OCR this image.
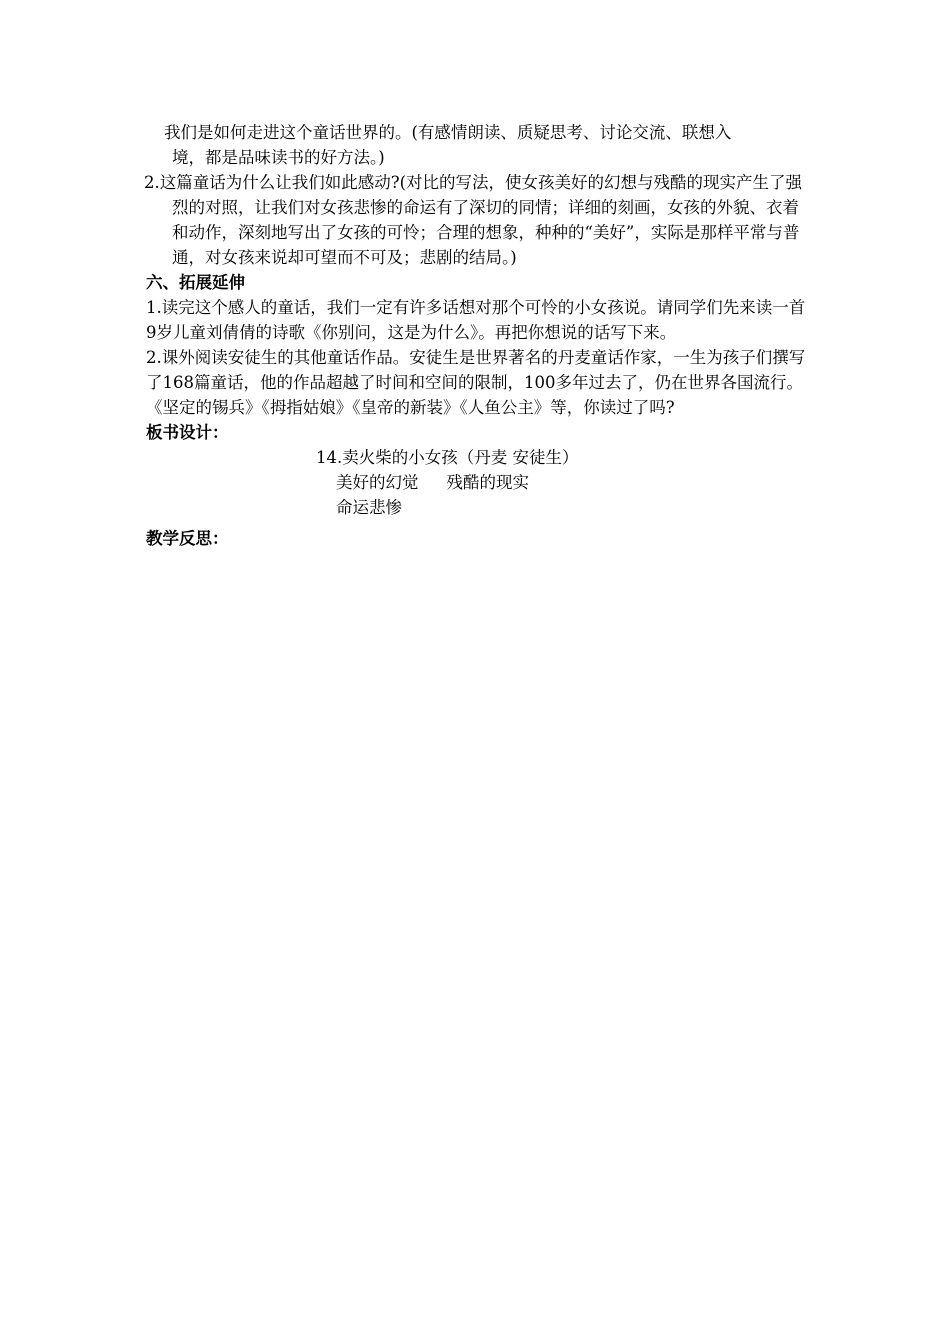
我们是如何走进这个童话世界的。(有感情朗读、质疑思考、讨论交流、联想入
境，都是品味读书的好方法。)

2.这篇童话为什么让我们如此感动?(对比的写法，使女孩美好的幻想与残酷的现实产生了强烈的对照，让我们对女孩悲惨的命运有了深切的同情；详细的刻画，女孩的外貌、衣着和动作，深刻地写出了女孩的可怜；合理的想象，种种的“美好”，实际是那样平常与普通，对女孩来说却可望而不可及；悲剧的结局。)

六、拓展延伸

1.读完这个感人的童话，我们一定有许多话想对那个可怜的小女孩说。请同学们先来读一首9岁儿童刘倩倩的诗歌《你别问，这是为什么》。再把你想说的话写下来。

2.课外阅读安徒生的其他童话作品。安徒生是世界著名的丹麦童话作家，一生为孩子们撰写了168篇童话，他的作品超越了时间和空间的限制，100多年过去了，仍在世界各国流行。《坚定的锡兵》《拇指姑娘》《皇帝的新装》《人鱼公主》等，你读过了吗?

板书设计：

14.卖火柴的小女孩（丹麦 安徒生）

美好的幻觉 残酷的现实

命运悲惨

教学反思：
